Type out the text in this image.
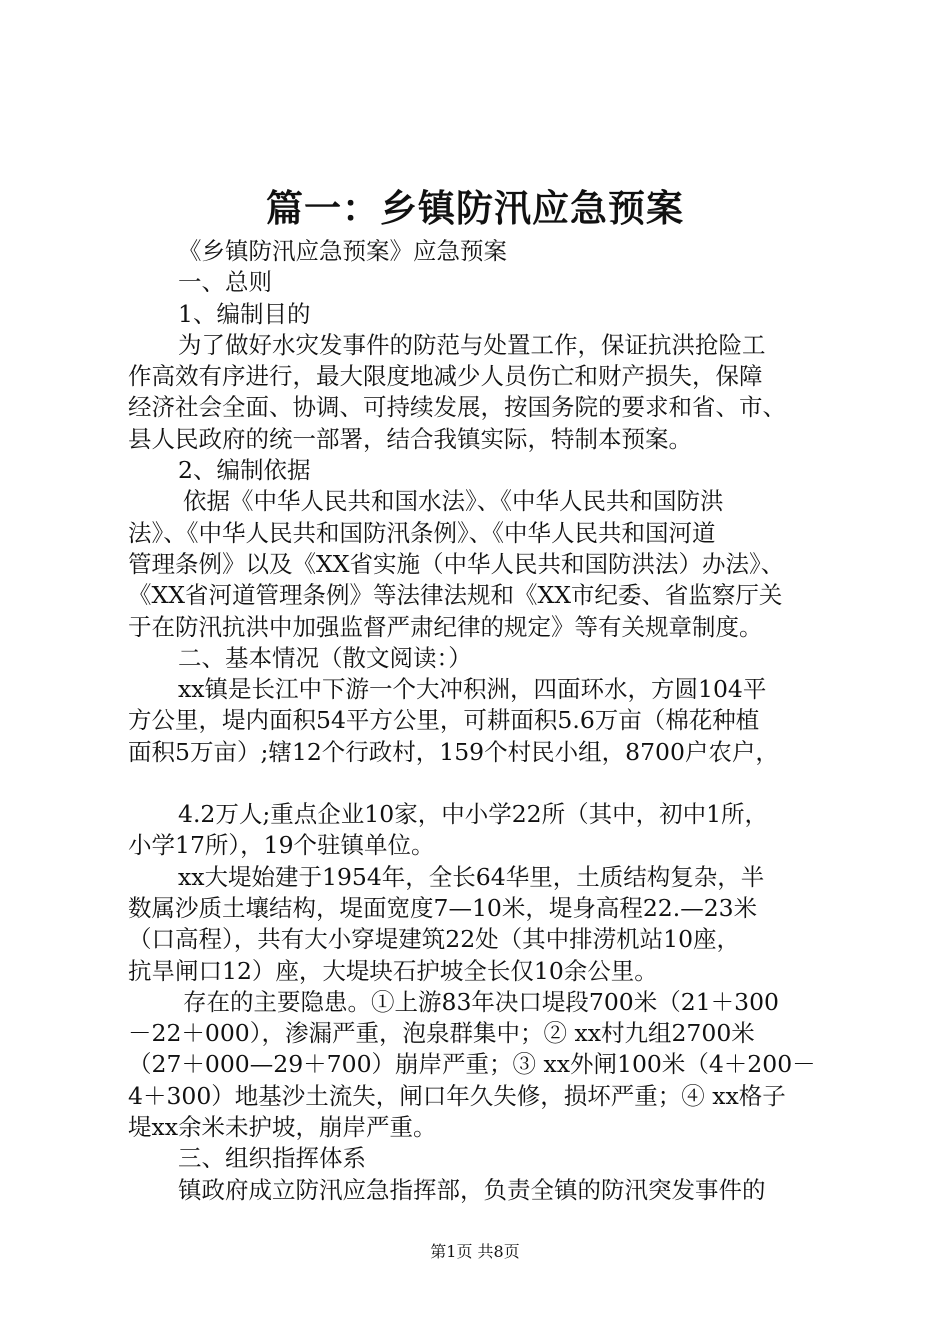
篇一：乡镇防汛应急预案

《乡镇防汛应急预案》应急预案

一、总则

1、编制目的

为了做好水灾发事件的防范与处置工作，保证抗洪抢险工

作高效有序进行，最大限度地减少人员伤亡和财产损失，保障

经济社会全面、协调、可持续发展，按国务院的要求和省、市、

县人民政府的统一部署，结合我镇实际，特制本预案。

2、编制依据

依据《中华人民共和国水法》、《中华人民共和国防洪

法》、《中华人民共和国防汛条例》、《中华人民共和国河道

管理条例》以及《XX省实施（中华人民共和国防洪法）办法》、

《XX省河道管理条例》等法律法规和《XX市纪委、省监察厅关

于在防汛抗洪中加强监督严肃纪律的规定》等有关规章制度。

二、基本情况（散文阅读：）

xx镇是长江中下游一个大冲积洲，四面环水，方圆104平

方公里，堤内面积54平方公里，可耕面积5.6万亩（棉花种植

面积5万亩）;辖12个行政村，159个村民小组，8700户农户，

4.2万人;重点企业10家，中小学22所（其中，初中1所，

小学17所），19个驻镇单位。

xx大堤始建于1954年，全长64华里，土质结构复杂，半

数属沙质土壤结构，堤面宽度7—10米，堤身高程22.—23米

（口高程），共有大小穿堤建筑22处（其中排涝机站10座，

抗旱闸口12）座，大堤块石护坡全长仅10余公里。

存在的主要隐患。①上游83年决口堤段700米（21＋300

－22＋000），渗漏严重，泡泉群集中；② xx村九组2700米

（27＋000—29＋700）崩岸严重；③ xx外闸100米（4＋200－

4＋300）地基沙土流失，闸口年久失修，损坏严重；④ xx格子

堤xx余米未护坡，崩岸严重。

三、组织指挥体系

镇政府成立防汛应急指挥部，负责全镇的防汛突发事件的

第1页 共8页
